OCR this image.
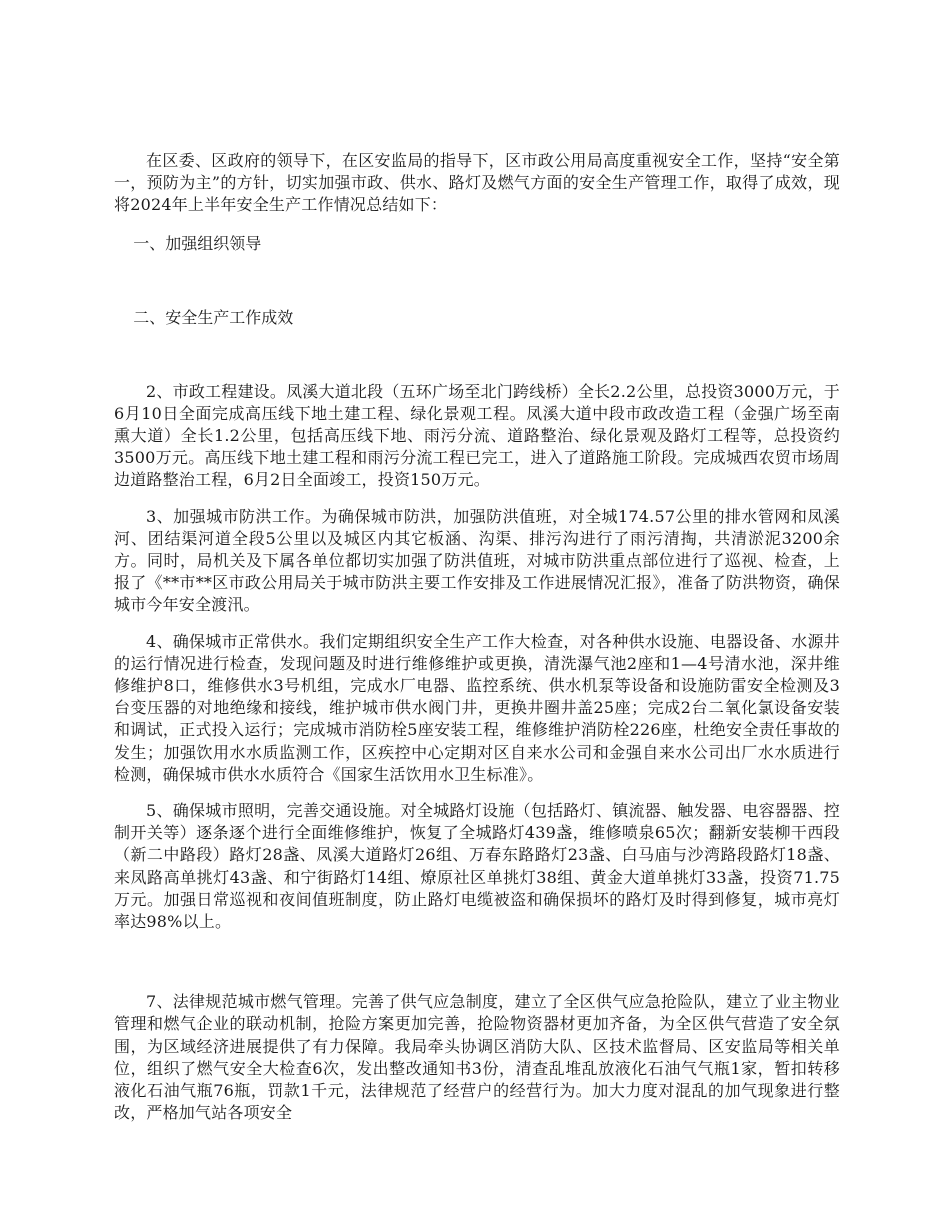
在区委、区政府的领导下，在区安监局的指导下，区市政公用局高度重视安全工作，坚持“安全第一，预防为主”的方针，切实加强市政、供水、路灯及燃气方面的安全生产管理工作，取得了成效，现将2024年上半年安全生产工作情况总结如下：

一、加强组织领导

二、安全生产工作成效

2、市政工程建设。凤溪大道北段（五环广场至北门跨线桥）全长2.2公里，总投资3000万元，于6月10日全面完成高压线下地土建工程、绿化景观工程。凤溪大道中段市政改造工程（金强广场至南熏大道）全长1.2公里，包括高压线下地、雨污分流、道路整治、绿化景观及路灯工程等，总投资约3500万元。高压线下地土建工程和雨污分流工程已完工，进入了道路施工阶段。完成城西农贸市场周边道路整治工程，6月2日全面竣工，投资150万元。

3、加强城市防洪工作。为确保城市防洪，加强防洪值班，对全城174.57公里的排水管网和凤溪河、团结渠河道全段5公里以及城区内其它板涵、沟渠、排污沟进行了雨污清掏，共清淤泥3200余方。同时，局机关及下属各单位都切实加强了防洪值班，对城市防洪重点部位进行了巡视、检查，上报了《**市**区市政公用局关于城市防洪主要工作安排及工作进展情况汇报》，准备了防洪物资，确保城市今年安全渡汛。

4、确保城市正常供水。我们定期组织安全生产工作大检查，对各种供水设施、电器设备、水源井的运行情况进行检查，发现问题及时进行维修维护或更换，清洗瀑气池2座和1—4号清水池，深井维修维护8口，维修供水3号机组，完成水厂电器、监控系统、供水机泵等设备和设施防雷安全检测及3台变压器的对地绝缘和接线，维护城市供水阀门井，更换井圈井盖25座；完成2台二氧化氯设备安装和调试，正式投入运行；完成城市消防栓5座安装工程，维修维护消防栓226座，杜绝安全责任事故的发生；加强饮用水水质监测工作，区疾控中心定期对区自来水公司和金强自来水公司出厂水水质进行检测，确保城市供水水质符合《国家生活饮用水卫生标准》。

5、确保城市照明，完善交通设施。对全城路灯设施（包括路灯、镇流器、触发器、电容器器、控制开关等）逐条逐个进行全面维修维护，恢复了全城路灯439盏，维修喷泉65次；翻新安装柳干西段（新二中路段）路灯28盏、凤溪大道路灯26组、万春东路路灯23盏、白马庙与沙湾路段路灯18盏、来凤路高单挑灯43盏、和宁街路灯14组、燎原社区单挑灯38组、黄金大道单挑灯33盏，投资71.75万元。加强日常巡视和夜间值班制度，防止路灯电缆被盗和确保损坏的路灯及时得到修复，城市亮灯率达98%以上。

7、法律规范城市燃气管理。完善了供气应急制度，建立了全区供气应急抢险队，建立了业主物业管理和燃气企业的联动机制，抢险方案更加完善，抢险物资器材更加齐备，为全区供气营造了安全氛围，为区域经济进展提供了有力保障。我局牵头协调区消防大队、区技术监督局、区安监局等相关单位，组织了燃气安全大检查6次，发出整改通知书3份，清查乱堆乱放液化石油气气瓶1家，暂扣转移液化石油气瓶76瓶，罚款1千元，法律规范了经营户的经营行为。加大力度对混乱的加气现象进行整改，严格加气站各项安全
